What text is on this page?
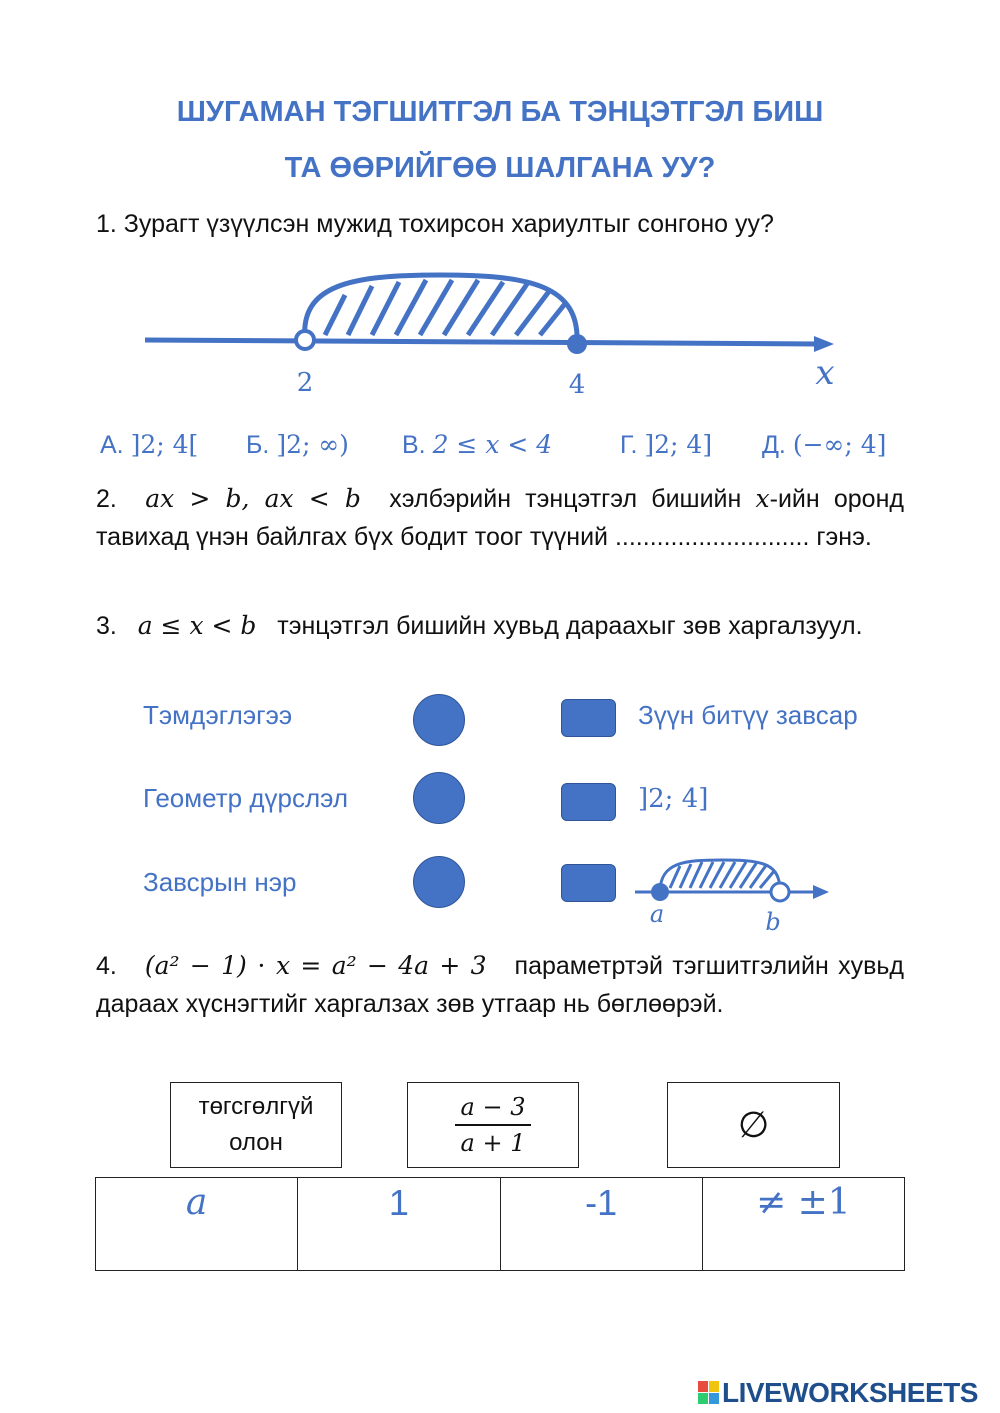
ШУГАМАН ТЭГШИТГЭЛ БА ТЭНЦЭТГЭЛ БИШ
ТА ӨӨРИЙГӨӨ ШАЛГАНА УУ?
1. Зурагт үзүүлсэн мужид тохирсон хариултыг сонгоно уу?
2	4	x
A. ]2; 4[ Б. ]2; ∞) В. 2 ≤ x < 4	Г. ]2; 4] Д. (−∞; 4]
2. ax > b, ax < b хэлбэрийн тэнцэтгэл бишийн x-ийн оронд тавихад үнэн байлгах бүх бодит тоог түүний ............................ гэнэ.
3. a ≤ x < b тэнцэтгэл бишийн хувьд дараахыг зөв харгалзуул.
Тэмдэглэгээ
Геометр дүрслэл
Завсрын нэр
Зүүн битүү завсар
]2; 4]
a	b
4. (a² − 1) ⋅ x = a² − 4a + 3 параметртэй тэгшитгэлийн хувьд дараах хүснэгтийг харгалзах зөв утгаар нь бөглөөрэй.
төгсгөлгүй
олон
a − 3
a + 1	∅
a	1	-1	≠ ±1
LIVEWORKSHEETS
